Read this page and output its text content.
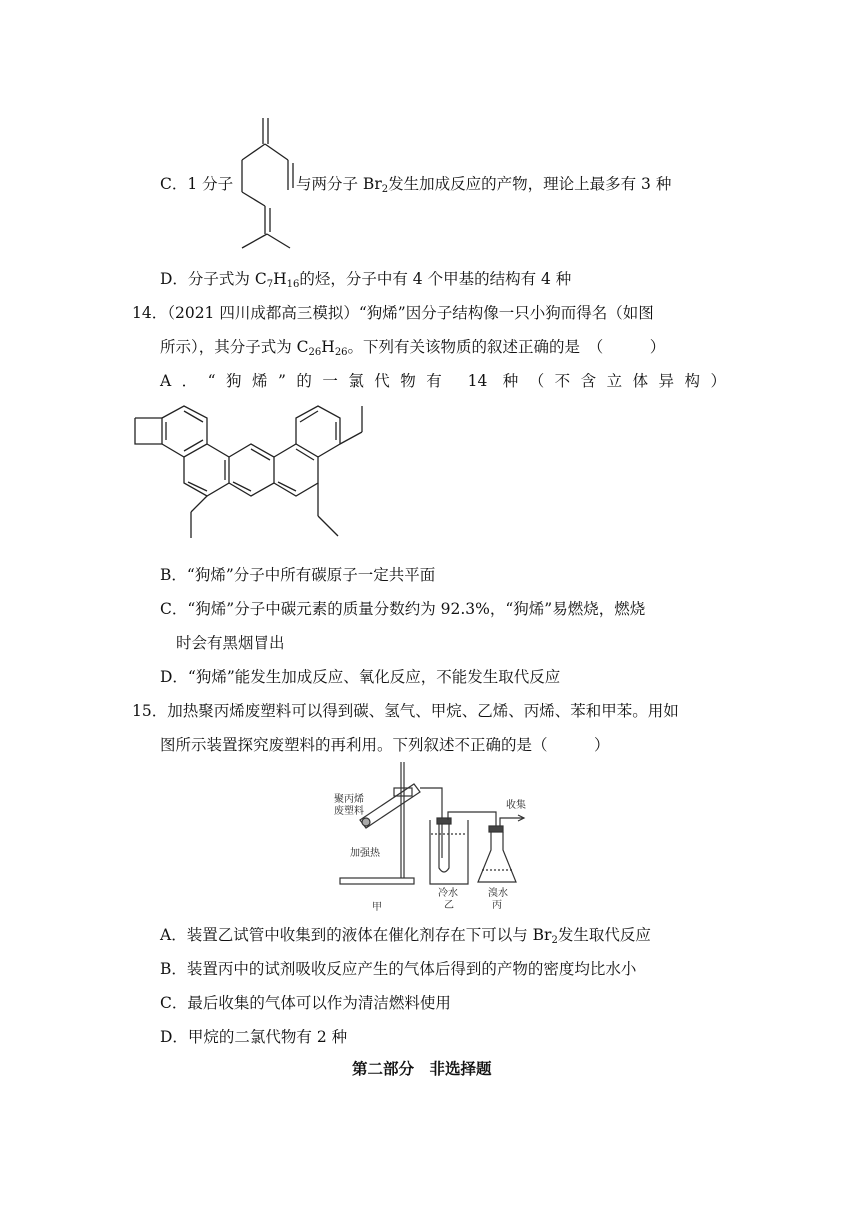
C．1 分子	与两分子 $Br_2$发生加成反应的产物，理论上最多有 3 种
D．分子式为 $C_7H_{16}$的烃，分子中有 4 个甲基的结构有 4 种
14．（2021 四川成都高三模拟）“狗烯”因分子结构像一只小狗而得名（如图
所示），其分子式为 $C_{26}H_{26}$。下列有关该物质的叙述正确的是　（　　　）
A．“狗烯”的一氯代物有 14 种（不含立体异构）
B．“狗烯”分子中所有碳原子一定共平面
C．“狗烯”分子中碳元素的质量分数约为 92.3%，“狗烯”易燃烧，燃烧
时会有黑烟冒出
D．“狗烯”能发生加成反应、氧化反应，不能发生取代反应
15．加热聚丙烯废塑料可以得到碳、氢气、甲烷、乙烯、丙烯、苯和甲苯。用如
图所示装置探究废塑料的再利用。下列叙述不正确的是（　　　）
聚丙烯
废塑料
加强热
收集
冷水	溴水
甲	乙	丙
A．装置乙试管中收集到的液体在催化剂存在下可以与 $Br_2$发生取代反应
B．装置丙中的试剂吸收反应产生的气体后得到的产物的密度均比水小
C．最后收集的气体可以作为清洁燃料使用
D．甲烷的二氯代物有 2 种
第二部分　非选择题
